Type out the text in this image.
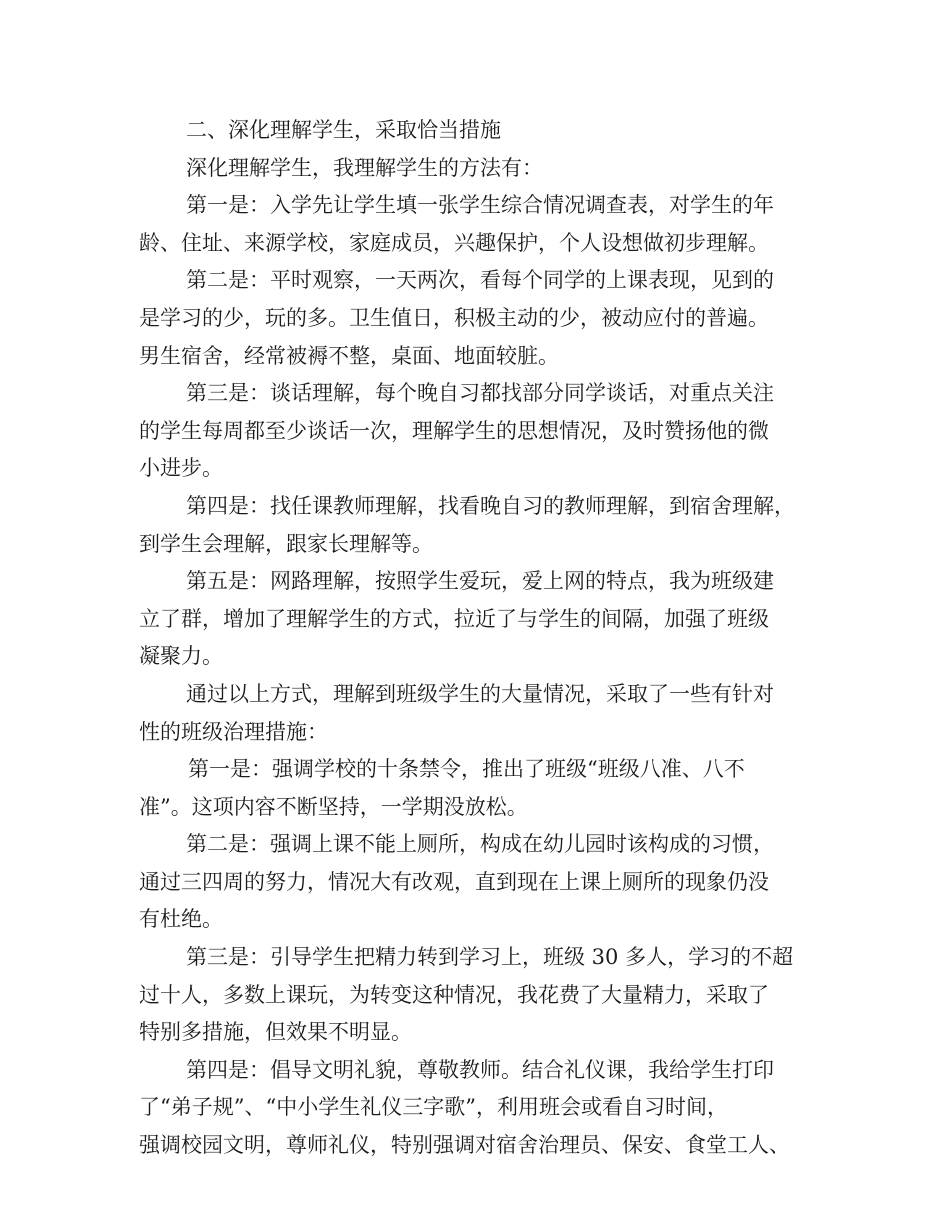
二、深化理解学生，采取恰当措施
深化理解学生，我理解学生的方法有：
第一是：入学先让学生填一张学生综合情况调查表，对学生的年
龄、住址、来源学校，家庭成员，兴趣保护，个人设想做初步理解。
第二是：平时观察，一天两次，看每个同学的上课表现，见到的
是学习的少，玩的多。卫生值日，积极主动的少，被动应付的普遍。
男生宿舍，经常被褥不整，桌面、地面较脏。
第三是：谈话理解，每个晚自习都找部分同学谈话，对重点关注
的学生每周都至少谈话一次，理解学生的思想情况，及时赞扬他的微
小进步。
第四是：找任课教师理解，找看晚自习的教师理解，到宿舍理解，
到学生会理解，跟家长理解等。
第五是：网路理解，按照学生爱玩，爱上网的特点，我为班级建
立了群，增加了理解学生的方式，拉近了与学生的间隔，加强了班级
凝聚力。
通过以上方式，理解到班级学生的大量情况，采取了一些有针对
性的班级治理措施：
第一是：强调学校的十条禁令，推出了班级“班级八准、八不
准”。这项内容不断坚持，一学期没放松。
第二是：强调上课不能上厕所，构成在幼儿园时该构成的习惯，
通过三四周的努力，情况大有改观，直到现在上课上厕所的现象仍没
有杜绝。
第三是：引导学生把精力转到学习上，班级 30 多人，学习的不超
过十人，多数上课玩，为转变这种情况，我花费了大量精力，采取了
特别多措施，但效果不明显。
第四是：倡导文明礼貌，尊敬教师。结合礼仪课，我给学生打印
了“弟子规”、“中小学生礼仪三字歌”，利用班会或看自习时间，
强调校园文明，尊师礼仪，特别强调对宿舍治理员、保安、食堂工人、
